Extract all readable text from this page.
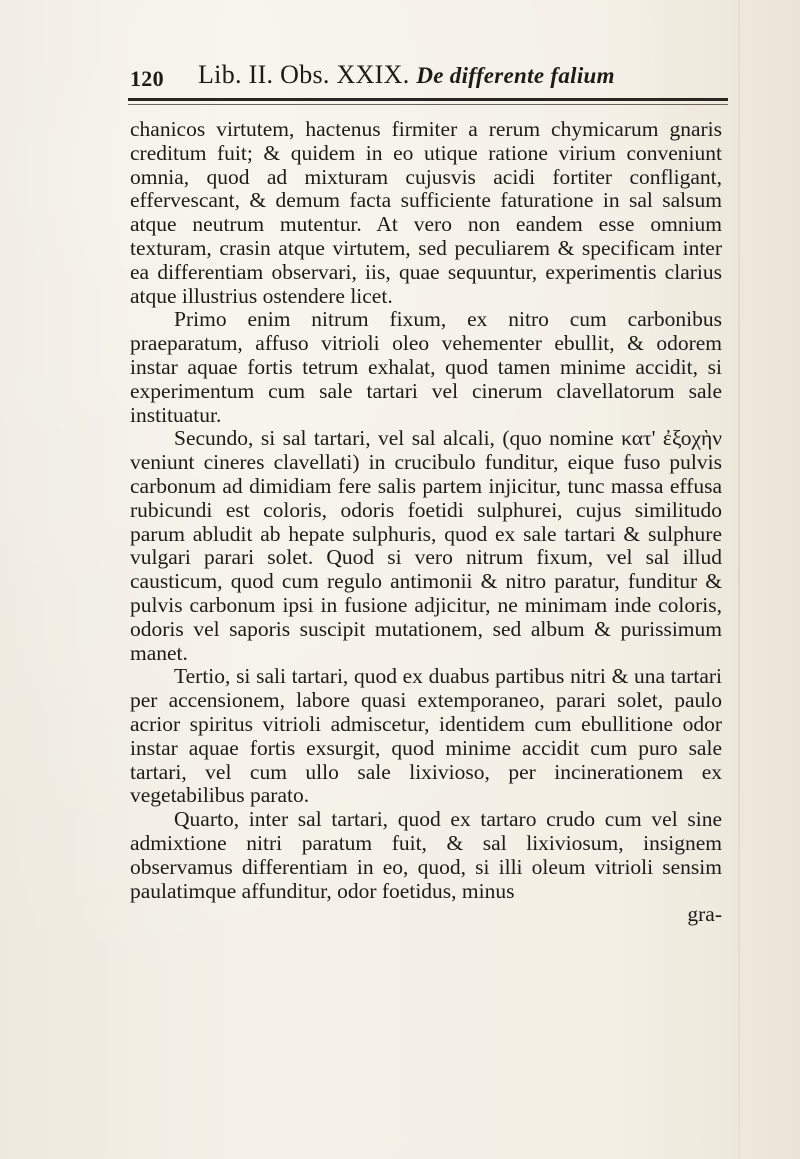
120 Lib. II. Obs. XXIX. De differente falium

chanicos virtutem, hactenus firmiter a rerum chymicarum gnaris creditum fuit; & quidem in eo utique ratione virium conveniunt omnia, quod ad mixturam cujusvis acidi fortiter confligant, effervescant, & demum facta sufficiente faturatione in sal salsum atque neutrum mutentur. At vero non eandem esse omnium texturam, crasin atque virtutem, sed peculiarem & specificam inter ea differentiam observari, iis, quae sequuntur, experimentis clarius atque illustrius ostendere licet.

Primo enim nitrum fixum, ex nitro cum carbonibus praeparatum, affuso vitrioli oleo vehementer ebullit, & odorem instar aquae fortis tetrum exhalat, quod tamen minime accidit, si experimentum cum sale tartari vel cinerum clavellatorum sale instituatur.

Secundo, si sal tartari, vel sal alcali, (quo nomine κατ' ἐξοχὴν veniunt cineres clavellati) in crucibulo funditur, eique fuso pulvis carbonum ad dimidiam fere salis partem injicitur, tunc massa effusa rubicundi est coloris, odoris foetidi sulphurei, cujus similitudo parum abludit ab hepate sulphuris, quod ex sale tartari & sulphure vulgari parari solet. Quod si vero nitrum fixum, vel sal illud causticum, quod cum regulo antimonii & nitro paratur, funditur & pulvis carbonum ipsi in fusione adjicitur, ne minimam inde coloris, odoris vel saporis suscipit mutationem, sed album & purissimum manet.

Tertio, si sali tartari, quod ex duabus partibus nitri & una tartari per accensionem, labore quasi extemporaneo, parari solet, paulo acrior spiritus vitrioli admiscetur, identidem cum ebullitione odor instar aquae fortis exsurgit, quod minime accidit cum puro sale tartari, vel cum ullo sale lixivioso, per incinerationem ex vegetabilibus parato.

Quarto, inter sal tartari, quod ex tartaro crudo cum vel sine admixtione nitri paratum fuit, & sal lixiviosum, insignem observamus differentiam in eo, quod, si illi oleum vitrioli sensim paulatimque affunditur, odor foetidus, minus

gra-
